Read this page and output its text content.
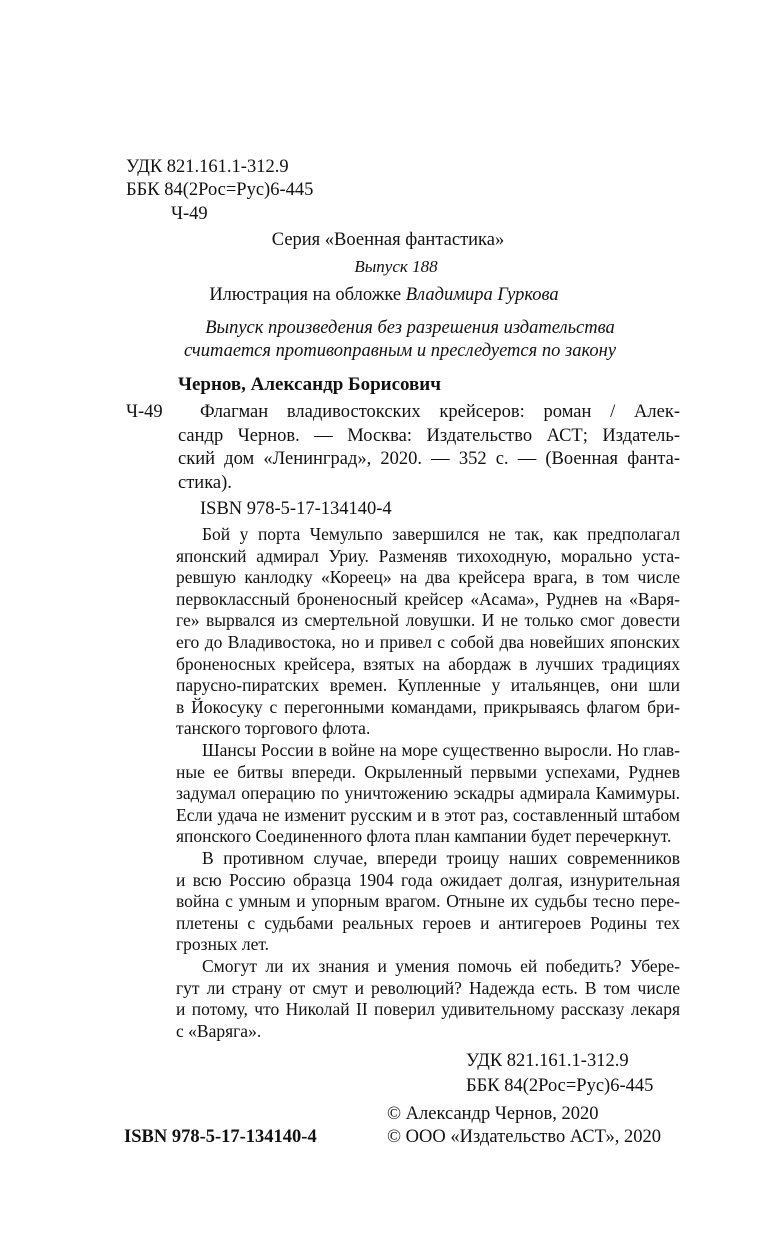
УДК 821.161.1-312.9
ББК 84(2Рос=Рус)6-445
Ч-49
Серия «Военная фантастика»
Выпуск 188
Илюстрация на обложке Владимира Гуркова
Выпуск произведения без разрешения издательства
считается противоправным и преследуется по закону
Чернов, Александр Борисович
Ч-49 Флагман владивостокских крейсеров: роман / Алек-
сандр Чернов. — Москва: Издательство АСТ; Издатель-
ский дом «Ленинград», 2020. — 352 с. — (Военная фанта-
стика).
ISBN 978-5-17-134140-4
Бой у порта Чемульпо завершился не так, как предполагал
японский адмирал Уриу. Разменяв тихоходную, морально уста-
ревшую канлодку «Кореец» на два крейсера врага, в том числе
первоклассный броненосный крейсер «Асама», Руднев на «Варя-
ге» вырвался из смертельной ловушки. И не только смог довести
его до Владивостока, но и привел с собой два новейших японских
броненосных крейсера, взятых на абордаж в лучших традициях
парусно-пиратских времен. Купленные у итальянцев, они шли
в Йокосуку с перегонными командами, прикрываясь флагом бри-
танского торгового флота.
Шансы России в войне на море существенно выросли. Но глав-
ные ее битвы впереди. Окрыленный первыми успехами, Руднев
задумал операцию по уничтожению эскадры адмирала Камимуры.
Если удача не изменит русским и в этот раз, составленный штабом
японского Соединенного флота план кампании будет перечеркнут.
В противном случае, впереди троицу наших современников
и всю Россию образца 1904 года ожидает долгая, изнурительная
война с умным и упорным врагом. Отныне их судьбы тесно пере-
плетены с судьбами реальных героев и антигероев Родины тех
грозных лет.
Смогут ли их знания и умения помочь ей победить? Убере-
гут ли страну от смут и революций? Надежда есть. В том числе
и потому, что Николай II поверил удивительному рассказу лекаря
с «Варяга».
УДК 821.161.1-312.9
ББК 84(2Рос=Рус)6-445
ISBN 978-5-17-134140-4
© Александр Чернов, 2020
© ООО «Издательство АСТ», 2020
